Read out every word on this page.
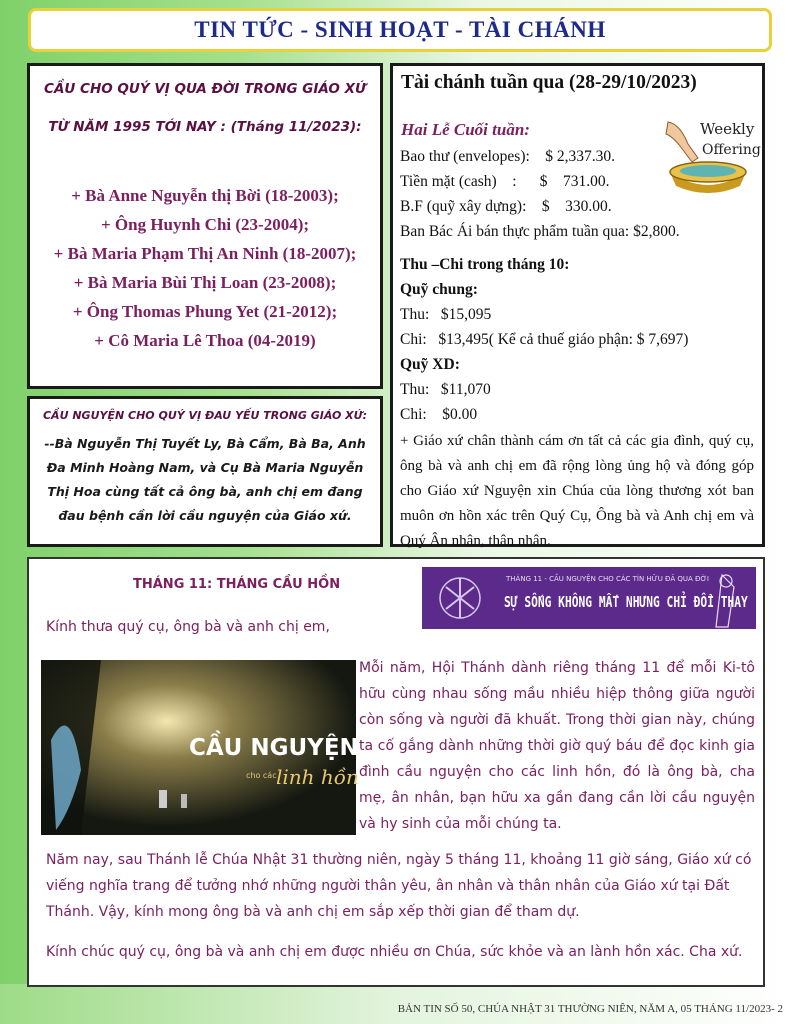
TIN TỨC - SINH HOẠT - TÀI CHÁNH
CẦU CHO QUÝ VỊ QUA ĐỜI TRONG GIÁO XỨ
TỪ NĂM 1995 TỚI NAY : (Tháng 11/2023):
+ Bà Anne Nguyễn thị Bời (18-2003);
+ Ông Huynh Chi (23-2004);
+ Bà Maria Phạm Thị An Ninh (18-2007);
+ Bà Maria Bùi Thị Loan (23-2008);
+ Ông Thomas Phung Yet (21-2012);
+ Cô Maria Lê Thoa (04-2019)
CẦU NGUYỆN CHO QUÝ VỊ ĐAU YẾU TRONG GIÁO XỨ:
--Bà Nguyễn Thị Tuyết Ly, Bà Cẩm, Bà Ba, Anh Đa Minh Hoàng Nam, và Cụ Bà Maria Nguyễn Thị Hoa cùng tất cả ông bà, anh chị em đang đau bệnh cần lời cầu nguyện của Giáo xứ.
Tài chánh tuần qua (28-29/10/2023)
Hai Lễ Cuối tuần:	Weekly
Offering
Bao thư (envelopes):    $ 2,337.30.
Tiền mặt (cash)    :      $    731.00.
B.F (quỹ xây dựng):    $    330.00.
Ban Bác Ái bán thực phẩm tuần qua: $2,800.
Thu –Chi trong tháng 10:
Quỹ chung:
Thu:   $15,095
Chi:   $13,495( Kể cả thuế giáo phận: $ 7,697)
Quỹ XD:
Thu:   $11,070
Chi:    $0.00
+ Giáo xứ chân thành cám ơn tất cả các gia đình, quý cụ, ông bà và anh chị em đã rộng lòng ủng hộ và đóng góp cho Giáo xứ Nguyện xin Chúa của lòng thương xót ban muôn ơn hồn xác trên Quý Cụ, Ông bà và Anh chị em và Quý Ân nhân, thân nhân.
THÁNG 11: THÁNG CẦU HỒN	THÁNG 11 - CẦU NGUYỆN CHO CÁC TÍN HỮU ĐÃ QUA ĐỜI
SỰ SỐNG KHÔNG MẤT NHƯNG CHỈ ĐỔI THAY
Kính thưa quý cụ, ông bà và anh chị em,
CẦU NGUYỆN
cho các linh hồn
Mỗi năm, Hội Thánh dành riêng tháng 11 để mỗi Ki-tô hữu cùng nhau sống mầu nhiều hiệp thông giữa người còn sống và người đã khuất. Trong thời gian này, chúng ta cố gắng dành những thời giờ quý báu để đọc kinh gia đình cầu nguyện cho các linh hồn, đó là ông bà, cha mẹ, ân nhân, bạn hữu xa gần đang cần lời cầu nguyện và hy sinh của mỗi chúng ta.
Năm nay, sau Thánh lễ Chúa Nhật 31 thường niên, ngày 5 tháng 11, khoảng 11 giờ sáng, Giáo xứ có viếng nghĩa trang để tưởng nhớ những người thân yêu, ân nhân và thân nhân của Giáo xứ tại Đất Thánh. Vậy, kính mong ông bà và anh chị em sắp xếp thời gian để tham dự.
Kính chúc quý cụ, ông bà và anh chị em được nhiều ơn Chúa, sức khỏe và an lành hồn xác. Cha xứ.
BẢN TIN SỐ 50, CHÚA NHẬT 31 THƯỜNG NIÊN, NĂM A, 05 THÁNG 11/2023- 2
